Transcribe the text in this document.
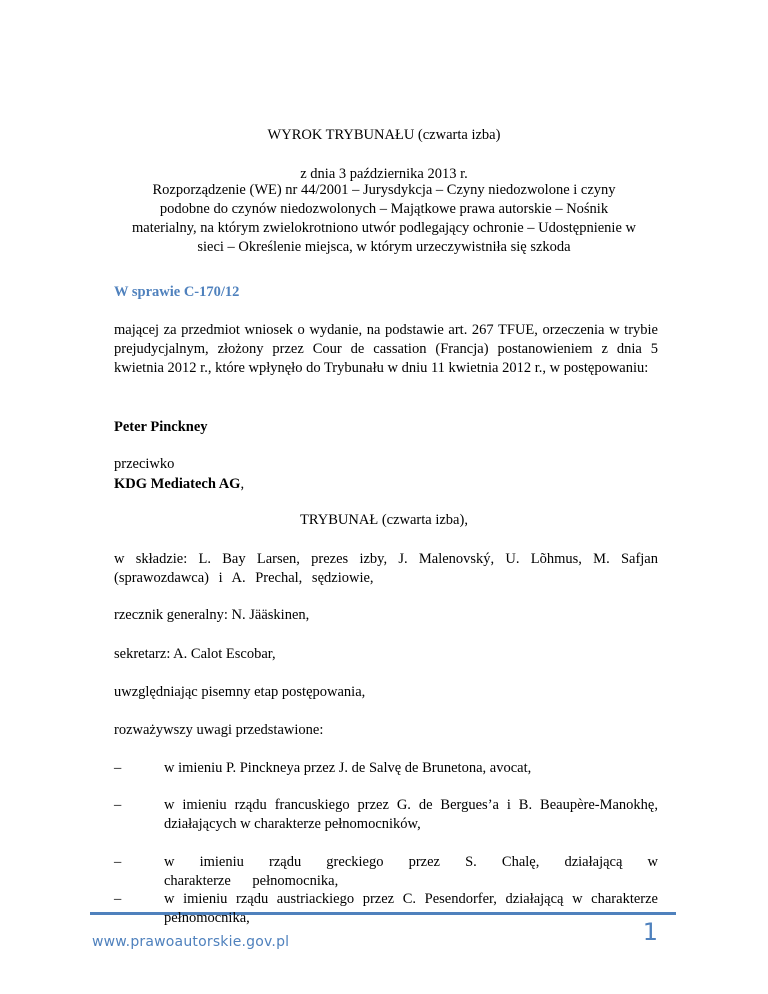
WYROK TRYBUNAŁU (czwarta izba)
z dnia 3 października 2013 r.
Rozporządzenie (WE) nr 44/2001 – Jurysdykcja – Czyny niedozwolone i czyny podobne do czynów niedozwolonych – Majątkowe prawa autorskie – Nośnik materialny, na którym zwielokrotniono utwór podlegający ochronie – Udostępnienie w sieci – Określenie miejsca, w którym urzeczywistniła się szkoda
W sprawie C-170/12
mającej za przedmiot wniosek o wydanie, na podstawie art. 267 TFUE, orzeczenia w trybie prejudycjalnym, złożony przez Cour de cassation (Francja) postanowieniem z dnia 5 kwietnia 2012 r., które wpłynęło do Trybunału w dniu 11 kwietnia 2012 r., w postępowaniu:
Peter Pinckney
przeciwko
KDG Mediatech AG,
TRYBUNAŁ (czwarta izba),
w składzie: L. Bay Larsen, prezes izby, J. Malenovský, U. Lõhmus, M. Safjan (sprawozdawca) i A. Prechal, sędziowie,
rzecznik generalny: N. Jääskinen,
sekretarz: A. Calot Escobar,
uwzględniając pisemny etap postępowania,
rozważywszy uwagi przedstawione:
–	w imieniu P. Pinckneya przez J. de Salvę de Brunetona, avocat,
–	w imieniu rządu francuskiego przez G. de Bergues’a i B. Beaupère-Manokhę, działających w charakterze pełnomocników,
–	w imieniu rządu greckiego przez S. Chalę, działającą w charakterze pełnomocnika,
www.prawoautorskie.gov.pl	1
–	w imieniu rządu austriackiego przez C. Pesendorfer, działającą w charakterze pełnomocnika,
